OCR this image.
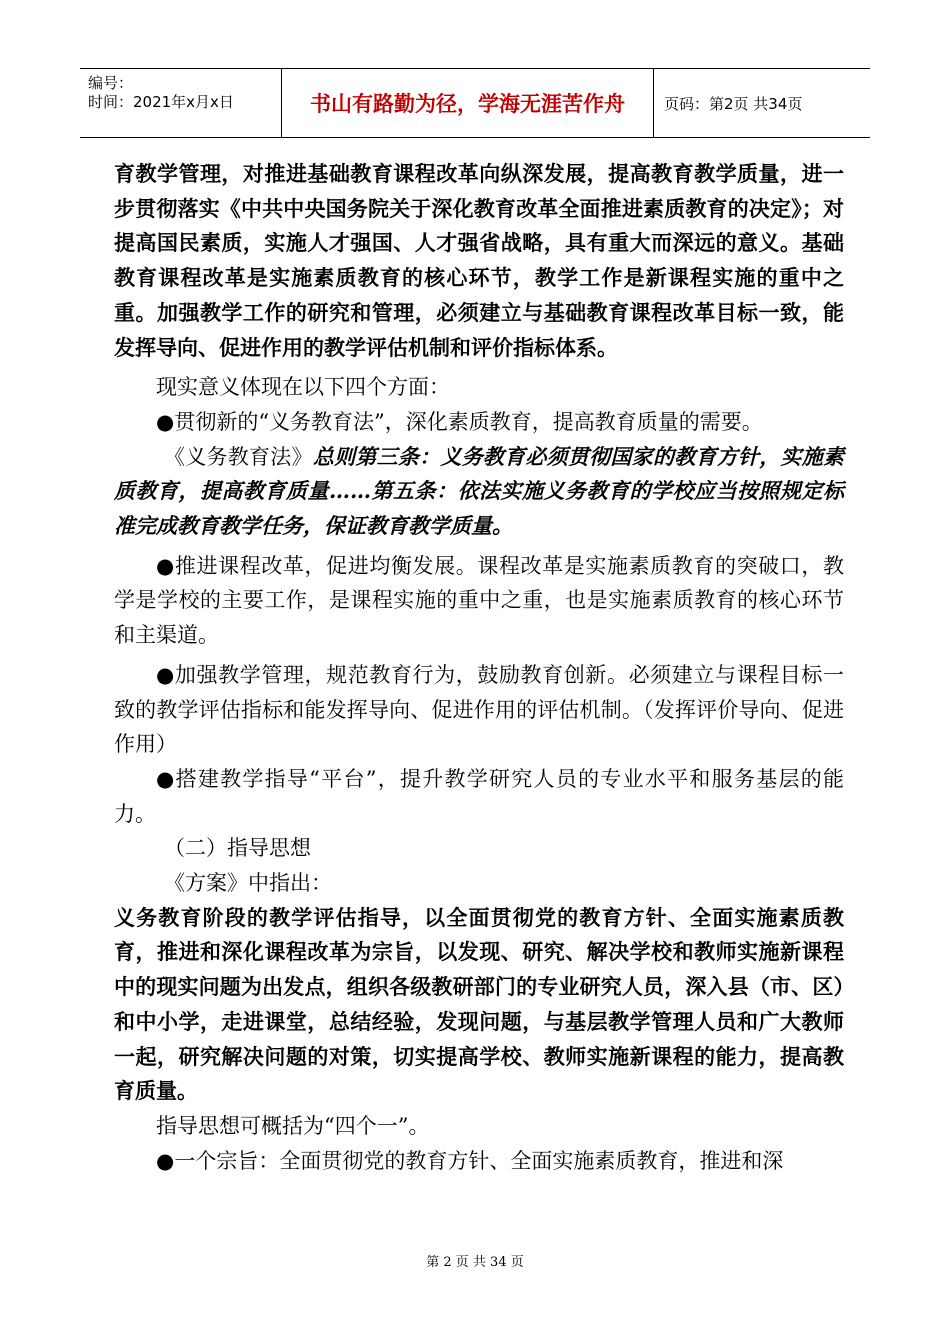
编号：
时间：2021年x月x日	书山有路勤为径，学海无涯苦作舟	页码：第2页 共34页

育教学管理，对推进基础教育课程改革向纵深发展，提高教育教学质量，进一步贯彻落实《中共中央国务院关于深化教育改革全面推进素质教育的决定》；对提高国民素质，实施人才强国、人才强省战略，具有重大而深远的意义。基础教育课程改革是实施素质教育的核心环节，教学工作是新课程实施的重中之重。加强教学工作的研究和管理，必须建立与基础教育课程改革目标一致，能发挥导向、促进作用的教学评估机制和评价指标体系。

现实意义体现在以下四个方面：

●贯彻新的“义务教育法”，深化素质教育，提高教育质量的需要。

《义务教育法》总则第三条：义务教育必须贯彻国家的教育方针，实施素质教育，提高教育质量……第五条：依法实施义务教育的学校应当按照规定标准完成教育教学任务，保证教育教学质量。

●推进课程改革，促进均衡发展。课程改革是实施素质教育的突破口，教学是学校的主要工作，是课程实施的重中之重，也是实施素质教育的核心环节和主渠道。

●加强教学管理，规范教育行为，鼓励教育创新。必须建立与课程目标一致的教学评估指标和能发挥导向、促进作用的评估机制。（发挥评价导向、促进作用）

●搭建教学指导“平台”，提升教学研究人员的专业水平和服务基层的能力。

（二）指导思想

《方案》中指出：

义务教育阶段的教学评估指导，以全面贯彻党的教育方针、全面实施素质教育，推进和深化课程改革为宗旨，以发现、研究、解决学校和教师实施新课程中的现实问题为出发点，组织各级教研部门的专业研究人员，深入县（市、区）和中小学，走进课堂，总结经验，发现问题，与基层教学管理人员和广大教师一起，研究解决问题的对策，切实提高学校、教师实施新课程的能力，提高教育质量。

指导思想可概括为“四个一”。

●一个宗旨：全面贯彻党的教育方针、全面实施素质教育，推进和深

第 2 页 共 34 页
